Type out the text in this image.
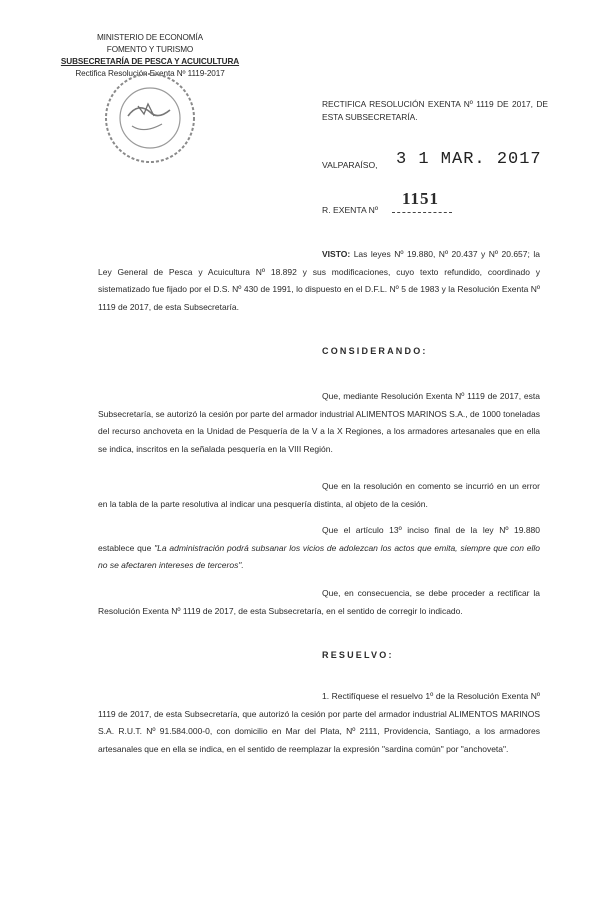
MINISTERIO DE ECONOMÍA
FOMENTO Y TURISMO
SUBSECRETARÍA DE PESCA Y ACUICULTURA
Rectifica Resolución Exenta Nº 1119-2017
RECTIFICA RESOLUCIÓN EXENTA Nº 1119 DE 2017, DE ESTA SUBSECRETARÍA.
VALPARAÍSO, 3 1 MAR. 2017
R. EXENTA Nº
1151
VISTO: Las leyes Nº 19.880, Nº 20.437 y Nº 20.657; la Ley General de Pesca y Acuicultura Nº 18.892 y sus modificaciones, cuyo texto refundido, coordinado y sistematizado fue fijado por el D.S. Nº 430 de 1991, lo dispuesto en el D.F.L. Nº 5 de 1983 y la Resolución Exenta Nº 1119 de 2017, de esta Subsecretaría.
CONSIDERANDO:
Que, mediante Resolución Exenta Nº 1119 de 2017, esta Subsecretaría, se autorizó la cesión por parte del armador industrial ALIMENTOS MARINOS S.A., de 1000 toneladas del recurso anchoveta en la Unidad de Pesquería de la V a la X Regiones, a los armadores artesanales que en ella se indica, inscritos en la señalada pesquería en la VIII Región.
Que en la resolución en comento se incurrió en un error en la tabla de la parte resolutiva al indicar una pesquería distinta, al objeto de la cesión.
Que el artículo 13º inciso final de la ley Nº 19.880 establece que "La administración podrá subsanar los vicios de adolezcan los actos que emita, siempre que con ello no se afectaren intereses de terceros".
Que, en consecuencia, se debe proceder a rectificar la Resolución Exenta Nº 1119 de 2017, de esta Subsecretaría, en el sentido de corregir lo indicado.
RESUELVO:
1. Rectifíquese el resuelvo 1º de la Resolución Exenta Nº 1119 de 2017, de esta Subsecretaría, que autorizó la cesión por parte del armador industrial ALIMENTOS MARINOS S.A. R.U.T. Nº 91.584.000-0, con domicilio en Mar del Plata, Nº 2111, Providencia, Santiago, a los armadores artesanales que en ella se indica, en el sentido de reemplazar la expresión "sardina común" por "anchoveta".
